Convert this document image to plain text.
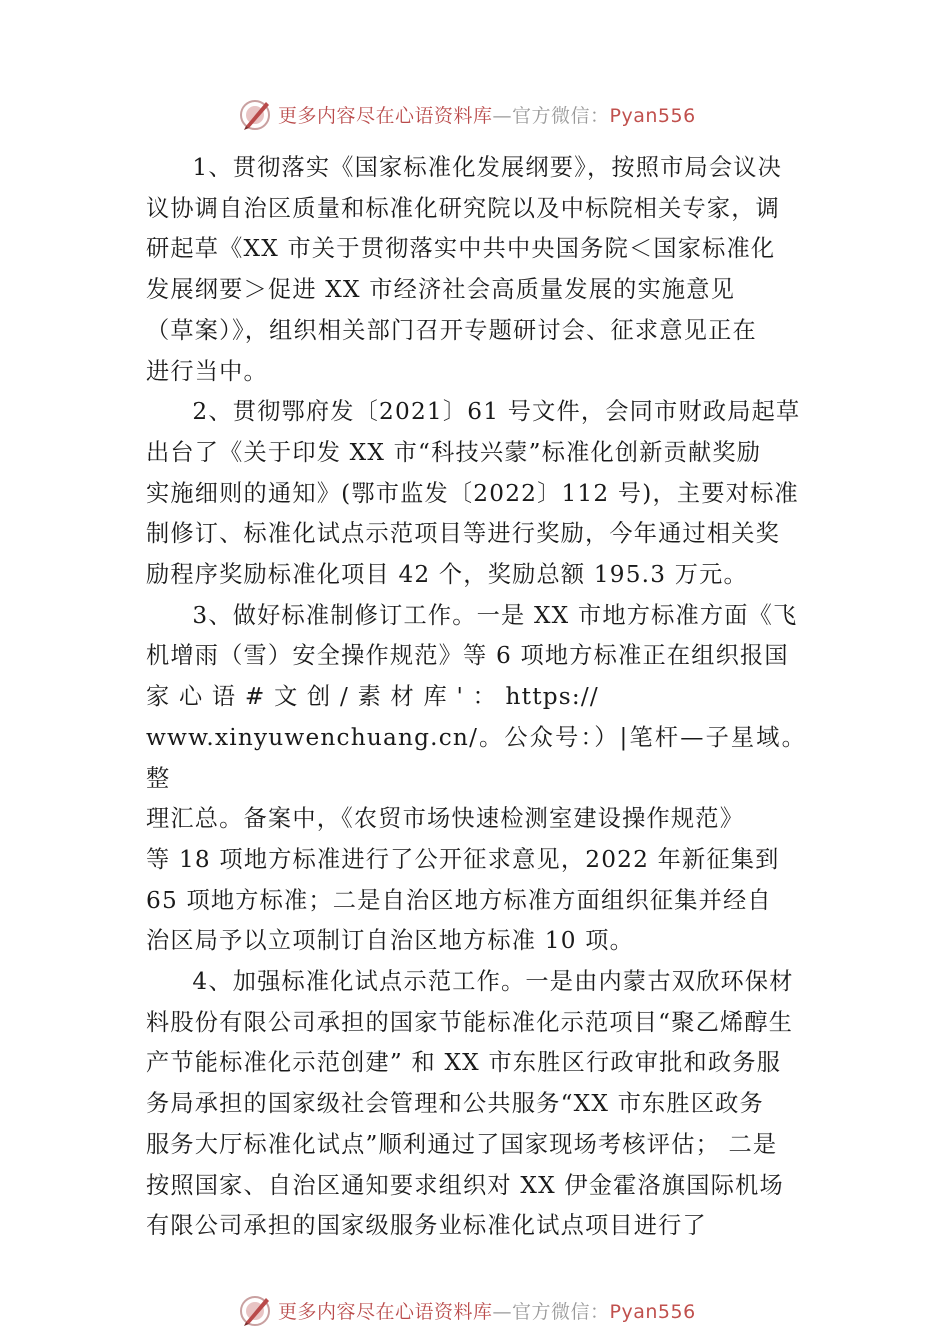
更多内容尽在心语资料库—官方微信：Pyan556

1、贯彻落实《国家标准化发展纲要》，按照市局会议决
议协调自治区质量和标准化研究院以及中标院相关专家，调
研起草《XX 市关于贯彻落实中共中央国务院＜国家标准化
发展纲要＞促进 XX 市经济社会高质量发展的实施意见
（草案）》，组织相关部门召开专题研讨会、征求意见正在
进行当中。

2、贯彻鄂府发〔2021〕61 号文件，会同市财政局起草
出台了《关于印发 XX 市“科技兴蒙”标准化创新贡献奖励
实施细则的通知》(鄂市监发〔2022〕112 号)，主要对标准
制修订、标准化试点示范项目等进行奖励，今年通过相关奖
励程序奖励标准化项目 42 个，奖励总额 195.3 万元。

3、做好标准制修订工作。一是 XX 市地方标准方面《飞
机增雨（雪）安全操作规范》等 6 项地方标准正在组织报国
家 心 语 # 文 创 / 素 材 库 ' ： https://
www.xinyuwenchuang.cn/。公众号：）|笔杆—子星域。整
理汇总。备案中，《农贸市场快速检测室建设操作规范》
等 18 项地方标准进行了公开征求意见，2022 年新征集到
65 项地方标准；二是自治区地方标准方面组织征集并经自
治区局予以立项制订自治区地方标准 10 项。

4、加强标准化试点示范工作。一是由内蒙古双欣环保材
料股份有限公司承担的国家节能标准化示范项目“聚乙烯醇生
产节能标准化示范创建” 和 XX 市东胜区行政审批和政务服
务局承担的国家级社会管理和公共服务“XX 市东胜区政务
服务大厅标准化试点”顺利通过了国家现场考核评估； 二是
按照国家、自治区通知要求组织对 XX 伊金霍洛旗国际机场
有限公司承担的国家级服务业标准化试点项目进行了

更多内容尽在心语资料库—官方微信：Pyan556
